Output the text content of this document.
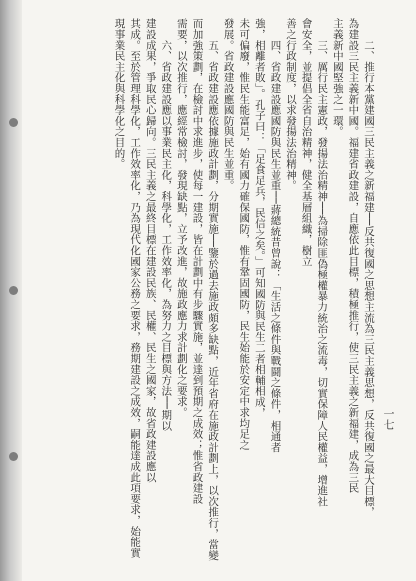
　　二、推行本黨建國三民主義之新福建──反共復國之思想主流為三民主義思想，反共復國之最大目標，
為建設三民主義新中國。福建省政建設，自應依此目標，積極推行，使三民主義之新福建，成為三民
主義新中國堅強之一環。

　　三、厲行民主憲政，發揚法治精神──為掃除匪偽極權暴力統治之流毒，切實保障人民權益，增進社
會安全，並提倡全省自治精神，健全基層組織，樹立
善之行政制度，以求發揚法治精神。

　　四、省政建設應國防與民生並重──蔣總統昔曾說：「生活之條件與戰鬪之條件，相通者
強，相離者敗」。孔子曰：「足食足兵，民信之矣。」可知國防與民生二者相輔相成，
未可偏廢，惟民生能富足，始有國力確保國防，惟有鞏固國防，民生始能於安定中求均足之
發展。省政建設應國防與民生並重。

　　五、省政建設應依據施政計劃，分期實施──鑒於過去施政頗多缺點，近年省府在施政計劃上，以次推行，當變
而加強策劃，在檢討中求進步，使每一建設，皆在計劃中有步驟實施，並達到預期之成效；惟省政建設
需要，以次推行，應經常檢討，發現缺點，立予改進，故施政應力求計劃化之要求。

　　六、省政建設應以事業民主化，科學化，工作效率化，為努力之目標與方法──期以
建設成果，爭取民心歸向。三民主義之最終目標在建設民族、民權、民生之國家，故省政建設應以
其成。至於管理科學化，工作效率化，乃為現代化國家公務之要求，務期建設之成效，嗣能達成此項要求，始能實
現事業民主化與科學化之目的。

一七
